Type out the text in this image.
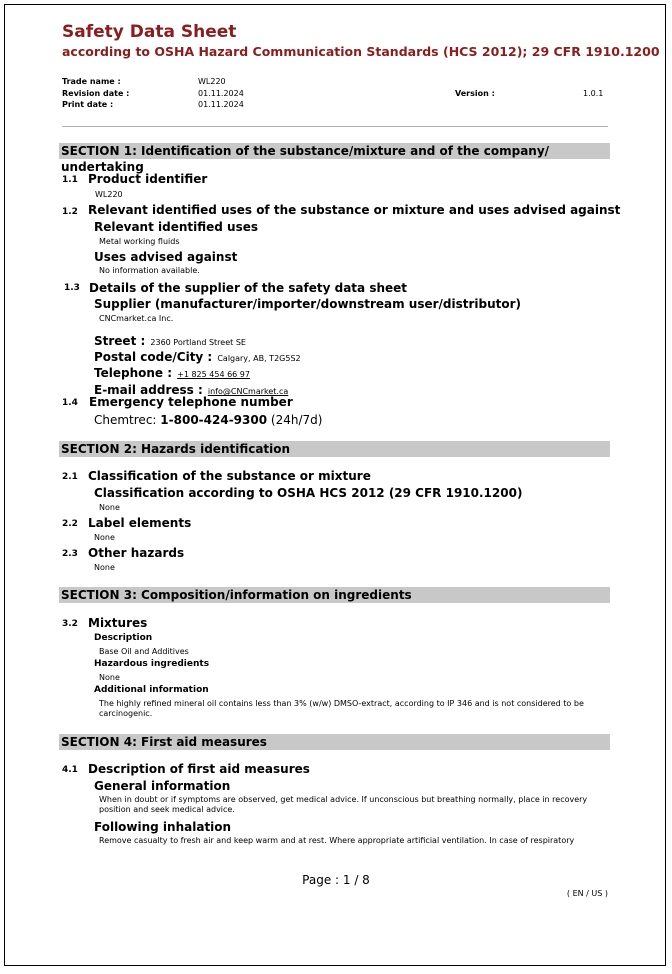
Safety Data Sheet
according to OSHA Hazard Communication Standards (HCS 2012); 29 CFR 1910.1200
Trade name :	WL220
Revision date :	01.11.2024	Version :	1.0.1
Print date :	01.11.2024
SECTION 1: Identification of the substance/mixture and of the company/ undertaking
1.1 Product identifier
WL220
1.2 Relevant identified uses of the substance or mixture and uses advised against
Relevant identified uses
Metal working fluids
Uses advised against
No information available.
1.3 Details of the supplier of the safety data sheet
Supplier (manufacturer/importer/downstream user/distributor)
CNCmarket.ca Inc.
Street : 2360 Portland Street SE
Postal code/City : Calgary, AB, T2G5S2
Telephone : +1 825 454 66 97
E-mail address : info@CNCmarket.ca
1.4 Emergency telephone number
Chemtrec: 1-800-424-9300 (24h/7d)
SECTION 2: Hazards identification
2.1 Classification of the substance or mixture
Classification according to OSHA HCS 2012 (29 CFR 1910.1200)
None
2.2 Label elements
None
2.3 Other hazards
None
SECTION 3: Composition/information on ingredients
3.2 Mixtures
Description
Base Oil and Additives
Hazardous ingredients
None
Additional information
The highly refined mineral oil contains less than 3% (w/w) DMSO-extract, according to IP 346 and is not considered to be carcinogenic.
SECTION 4: First aid measures
4.1 Description of first aid measures
General information
When in doubt or if symptoms are observed, get medical advice. If unconscious but breathing normally, place in recovery position and seek medical advice.
Following inhalation
Remove casualty to fresh air and keep warm and at rest. Where appropriate artificial ventilation. In case of respiratory
Page : 1 / 8
( EN / US )
